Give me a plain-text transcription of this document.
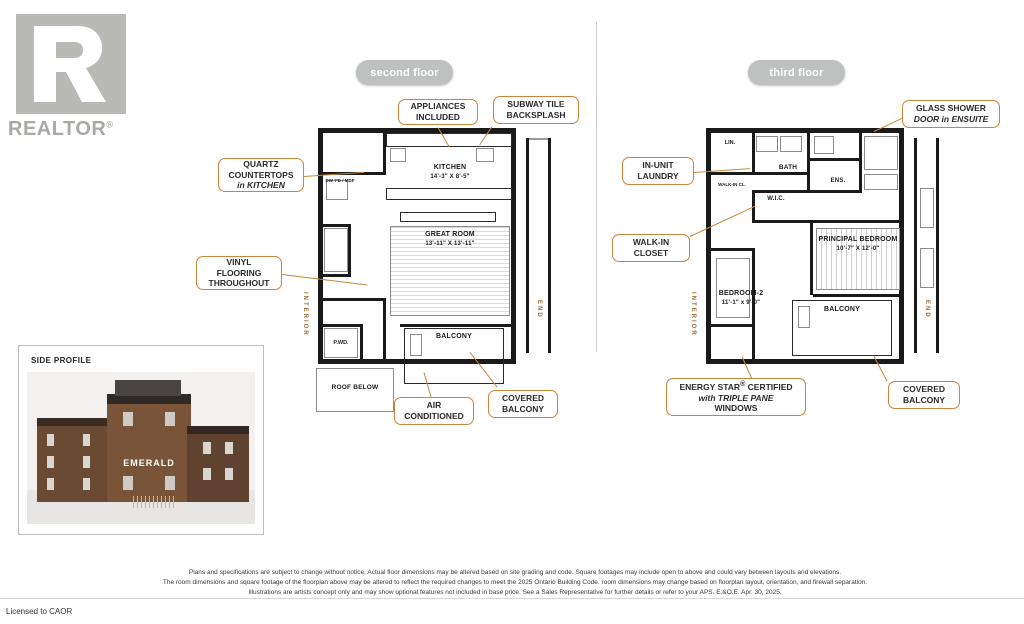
REALTOR®
second floor	third floor
KITCHEN
14'-3" X 8'-5"
GREAT ROOM
13'-11" X 13'-11"
BALCONY
ROOF BELOW
P.WD.
DW 7'D / MDF
INTERIOR	END
PRINCIPAL BEDROOM
10'-7" X 12'-0"
BEDROOM-2
11'-1" x 9'-0"
BATH
ENS.
W.I.C.
BALCONY
LIN.
WALK-IN CL.
INTERIOR	END
APPLIANCES INCLUDED
SUBWAY TILE BACKSPLASH
QUARTZ
COUNTERTOPS
in KITCHEN
VINYL
FLOORING
THROUGHOUT
AIR
CONDITIONED
COVERED
BALCONY
GLASS SHOWER
DOOR in ENSUITE
IN-UNIT
LAUNDRY
WALK-IN
CLOSET
ENERGY STAR® CERTIFIED
with TRIPLE PANE
WINDOWS
COVERED
BALCONY
SIDE PROFILE
EMERALD
Plans and specifications are subject to change without notice. Actual floor dimensions may be altered based on site grading and code. Square footages may include open to above and could vary between layouts and elevations.
The room dimensions and square footage of the floorplan above may be altered to reflect the required changes to meet the 2025 Ontario Building Code. room dimensions may change based on floorplan layout, orientation, and firewall separation.
Illustrations are artists concept only and may show optional features not included in base price. See a Sales Representative for further details or refer to your APS. E.&O.E. Apr. 30, 2025.
Licensed to CAOR
